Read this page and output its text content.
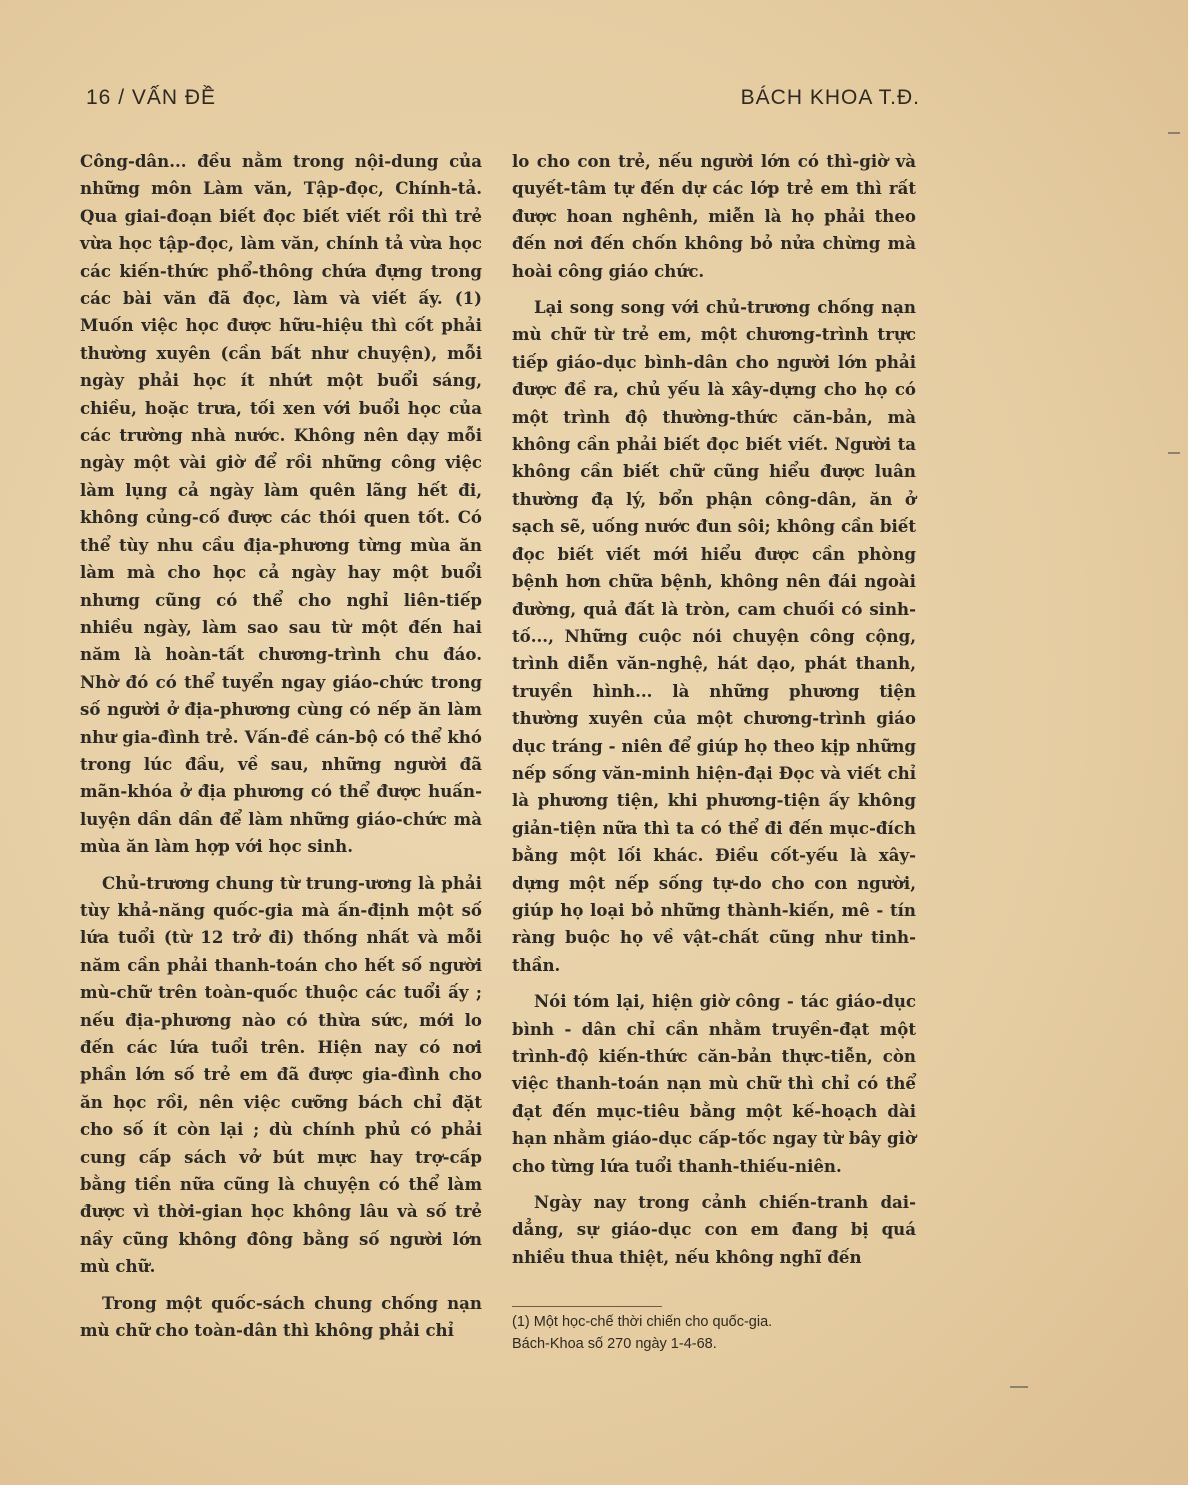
16 / VẤN ĐỀ	BÁCH KHOA T.Đ.

Công-dân... đều nằm trong nội-dung của những môn Làm văn, Tập-đọc, Chính-tả. Qua giai-đoạn biết đọc biết viết rồi thì trẻ vừa học tập-đọc, làm văn, chính tả vừa học các kiến-thức phổ-thông chứa đựng trong các bài văn đã đọc, làm và viết ấy. (1) Muốn việc học được hữu-hiệu thì cốt phải thường xuyên (cần bất như chuyện), mỗi ngày phải học ít nhứt một buổi sáng, chiều, hoặc trưa, tối xen với buổi học của các trường nhà nước. Không nên dạy mỗi ngày một vài giờ để rồi những công việc làm lụng cả ngày làm quên lãng hết đi, không củng-cố được các thói quen tốt. Có thể tùy nhu cầu địa-phương từng mùa ăn làm mà cho học cả ngày hay một buổi nhưng cũng có thể cho nghỉ liên-tiếp nhiều ngày, làm sao sau từ một đến hai năm là hoàn-tất chương-trình chu đáo. Nhờ đó có thể tuyển ngay giáo-chức trong số người ở địa-phương cùng có nếp ăn làm như gia-đình trẻ. Vấn-đề cán-bộ có thể khó trong lúc đầu, về sau, những người đã mãn-khóa ở địa phương có thể được huấn-luyện dần dần để làm những giáo-chức mà mùa ăn làm hợp với học sinh.

Chủ-trương chung từ trung-ương là phải tùy khả-năng quốc-gia mà ấn-định một số lứa tuổi (từ 12 trở đi) thống nhất và mỗi năm cần phải thanh-toán cho hết số người mù-chữ trên toàn-quốc thuộc các tuổi ấy ; nếu địa-phương nào có thừa sức, mới lo đến các lứa tuổi trên. Hiện nay có nơi phần lớn số trẻ em đã được gia-đình cho ăn học rồi, nên việc cưỡng bách chỉ đặt cho số ít còn lại ; dù chính phủ có phải cung cấp sách vở bút mực hay trợ-cấp bằng tiền nữa cũng là chuyện có thể làm được vì thời-gian học không lâu và số trẻ nầy cũng không đông bằng số người lớn mù chữ.

Trong một quốc-sách chung chống nạn mù chữ cho toàn-dân thì không phải chỉ

lo cho con trẻ, nếu người lớn có thì-giờ và quyết-tâm tự đến dự các lớp trẻ em thì rất được hoan nghênh, miễn là họ phải theo đến nơi đến chốn không bỏ nửa chừng mà hoài công giáo chức.

Lại song song với chủ-trương chống nạn mù chữ từ trẻ em, một chương-trình trực tiếp giáo-dục bình-dân cho người lớn phải được đề ra, chủ yếu là xây-dựng cho họ có một trình độ thường-thức căn-bản, mà không cần phải biết đọc biết viết. Người ta không cần biết chữ cũng hiểu được luân thường đạ lý, bổn phận công-dân, ăn ở sạch sẽ, uống nước đun sôi; không cần biết đọc biết viết mới hiểu được cần phòng bệnh hơn chữa bệnh, không nên đái ngoài đường, quả đất là tròn, cam chuối có sinh-tố..., Những cuộc nói chuyện công cộng, trình diễn văn-nghệ, hát dạo, phát thanh, truyền hình... là những phương tiện thường xuyên của một chương-trình giáo dục tráng - niên để giúp họ theo kịp những nếp sống văn-minh hiện-đại Đọc và viết chỉ là phương tiện, khi phương-tiện ấy không giản-tiện nữa thì ta có thể đi đến mục-đích bằng một lối khác. Điều cốt-yếu là xây-dựng một nếp sống tự-do cho con người, giúp họ loại bỏ những thành-kiến, mê - tín ràng buộc họ về vật-chất cũng như tinh-thần.

Nói tóm lại, hiện giờ công - tác giáo-dục bình - dân chỉ cần nhằm truyền-đạt một trình-độ kiến-thức căn-bản thực-tiễn, còn việc thanh-toán nạn mù chữ thì chỉ có thể đạt đến mục-tiêu bằng một kế-hoạch dài hạn nhằm giáo-dục cấp-tốc ngay từ bây giờ cho từng lứa tuổi thanh-thiếu-niên.

Ngày nay trong cảnh chiến-tranh dai-dẳng, sự giáo-dục con em đang bị quá nhiều thua thiệt, nếu không nghĩ đến

(1) Một học-chế thời chiến cho quốc-gia.
Bách-Khoa số 270 ngày 1-4-68.
